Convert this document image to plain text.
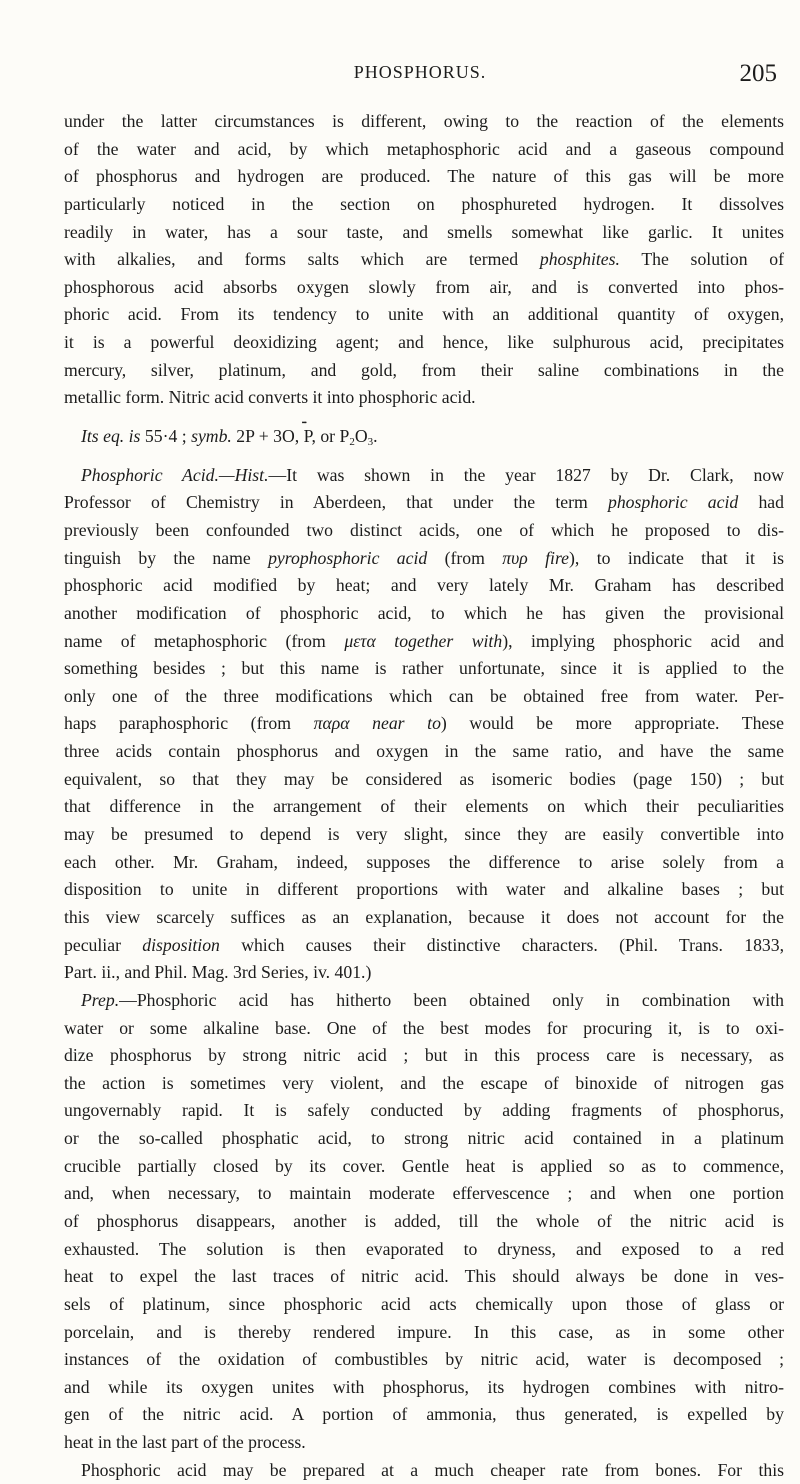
PHOSPHORUS.	205
under the latter circumstances is different, owing to the reaction of the elements
of the water and acid, by which metaphosphoric acid and a gaseous compound
of phosphorus and hydrogen are produced. The nature of this gas will be more
particularly noticed in the section on phosphureted hydrogen. It dissolves
readily in water, has a sour taste, and smells somewhat like garlic. It unites
with alkalies, and forms salts which are termed phosphites. The solution of
phosphorous acid absorbs oxygen slowly from air, and is converted into phos-
phoric acid. From its tendency to unite with an additional quantity of oxygen,
it is a powerful deoxidizing agent; and hence, like sulphurous acid, precipitates
mercury, silver, platinum, and gold, from their saline combinations in the
metallic form. Nitric acid converts it into phosphoric acid.
Its eq. is 55·4 ; symb. 2P + 3O, ••• P, or $P_2O_3$.
Phosphoric Acid.—Hist.—It was shown in the year 1827 by Dr. Clark, now
Professor of Chemistry in Aberdeen, that under the term phosphoric acid had
previously been confounded two distinct acids, one of which he proposed to dis-
tinguish by the name pyrophosphoric acid (from πυρ fire), to indicate that it is
phosphoric acid modified by heat; and very lately Mr. Graham has described
another modification of phosphoric acid, to which he has given the provisional
name of metaphosphoric (from μετα together with), implying phosphoric acid and
something besides ; but this name is rather unfortunate, since it is applied to the
only one of the three modifications which can be obtained free from water. Per-
haps paraphosphoric (from παρα near to) would be more appropriate. These
three acids contain phosphorus and oxygen in the same ratio, and have the same
equivalent, so that they may be considered as isomeric bodies (page 150) ; but
that difference in the arrangement of their elements on which their peculiarities
may be presumed to depend is very slight, since they are easily convertible into
each other. Mr. Graham, indeed, supposes the difference to arise solely from a
disposition to unite in different proportions with water and alkaline bases ; but
this view scarcely suffices as an explanation, because it does not account for the
peculiar disposition which causes their distinctive characters. (Phil. Trans. 1833,
Part. ii., and Phil. Mag. 3rd Series, iv. 401.)
Prep.—Phosphoric acid has hitherto been obtained only in combination with
water or some alkaline base. One of the best modes for procuring it, is to oxi-
dize phosphorus by strong nitric acid ; but in this process care is necessary, as
the action is sometimes very violent, and the escape of binoxide of nitrogen gas
ungovernably rapid. It is safely conducted by adding fragments of phosphorus,
or the so-called phosphatic acid, to strong nitric acid contained in a platinum
crucible partially closed by its cover. Gentle heat is applied so as to commence,
and, when necessary, to maintain moderate effervescence ; and when one portion
of phosphorus disappears, another is added, till the whole of the nitric acid is
exhausted. The solution is then evaporated to dryness, and exposed to a red
heat to expel the last traces of nitric acid. This should always be done in ves-
sels of platinum, since phosphoric acid acts chemically upon those of glass or
porcelain, and is thereby rendered impure. In this case, as in some other
instances of the oxidation of combustibles by nitric acid, water is decomposed ;
and while its oxygen unites with phosphorus, its hydrogen combines with nitro-
gen of the nitric acid. A portion of ammonia, thus generated, is expelled by
heat in the last part of the process.
Phosphoric acid may be prepared at a much cheaper rate from bones. For this
